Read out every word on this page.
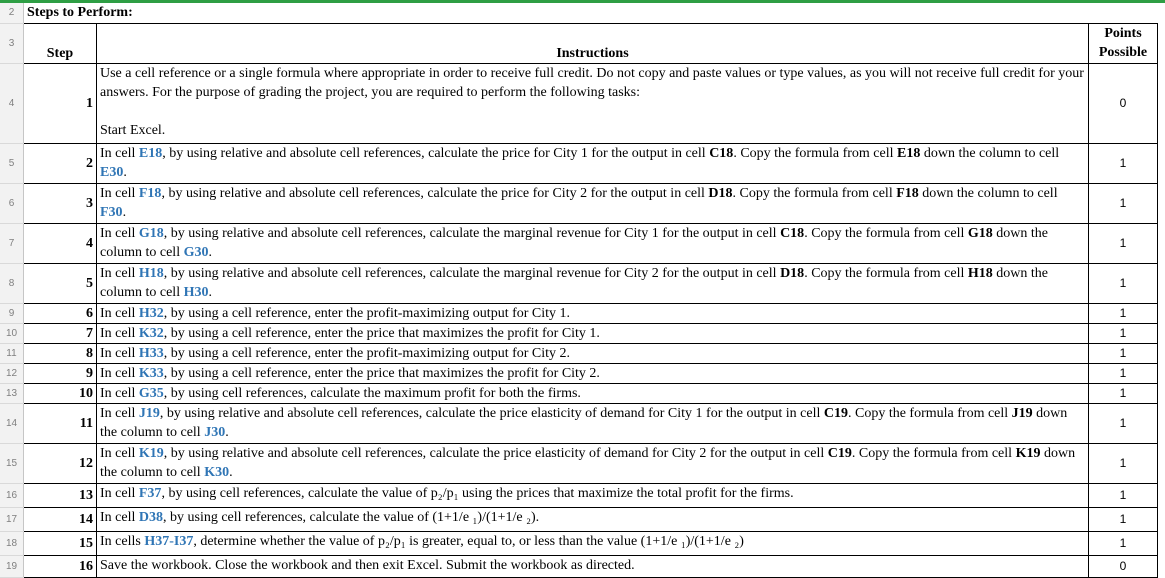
2	Steps to Perform:		
3	Step	Instructions	Points Possible
4	1	Use a cell reference or a single formula where appropriate in order to receive full credit. Do not copy and paste values or type values, as you will not receive full credit for your answers. For the purpose of grading the project, you are required to perform the following tasks:

Start Excel.	0
5	2	In cell E18, by using relative and absolute cell references, calculate the price for City 1 for the output in cell C18. Copy the formula from cell E18 down the column to cell E30.	1
6	3	In cell F18, by using relative and absolute cell references, calculate the price for City 2 for the output in cell D18. Copy the formula from cell F18 down the column to cell F30.	1
7	4	In cell G18, by using relative and absolute cell references, calculate the marginal revenue for City 1 for the output in cell C18. Copy the formula from cell G18 down the column to cell G30.	1
8	5	In cell H18, by using relative and absolute cell references, calculate the marginal revenue for City 2 for the output in cell D18. Copy the formula from cell H18 down the column to cell H30.	1
9	6	In cell H32, by using a cell reference, enter the profit-maximizing output for City 1.	1
10	7	In cell K32, by using a cell reference, enter the price that maximizes the profit for City 1.	1
11	8	In cell H33, by using a cell reference, enter the profit-maximizing output for City 2.	1
12	9	In cell K33, by using a cell reference, enter the price that maximizes the profit for City 2.	1
13	10	In cell G35, by using cell references, calculate the maximum profit for both the firms.	1
14	11	In cell J19, by using relative and absolute cell references, calculate the price elasticity of demand for City 1 for the output in cell C19. Copy the formula from cell J19 down the column to cell J30.	1
15	12	In cell K19, by using relative and absolute cell references, calculate the price elasticity of demand for City 2 for the output in cell C19. Copy the formula from cell K19 down the column to cell K30.	1
16	13	In cell F37, by using cell references, calculate the value of p₂/p₁ using the prices that maximize the total profit for the firms.	1
17	14	In cell D38, by using cell references, calculate the value of (1+1/e ₁)/(1+1/e ₂).	1
18	15	In cells H37-I37, determine whether the value of p₂/p₁ is greater, equal to, or less than the value (1+1/e ₁)/(1+1/e ₂)	1
19	16	Save the workbook. Close the workbook and then exit Excel. Submit the workbook as directed.	0
